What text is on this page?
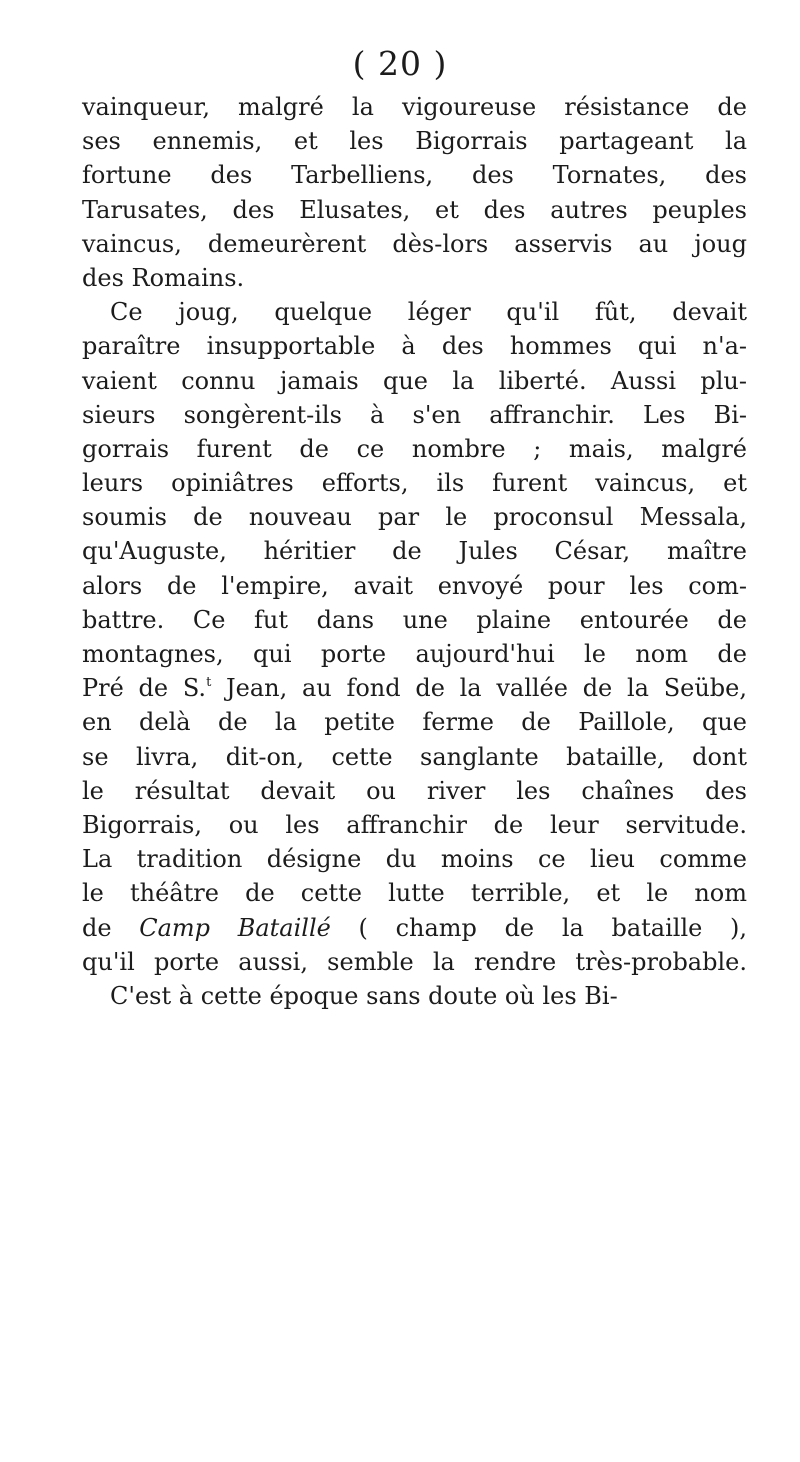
( 20 )
vainqueur, malgré la vigoureuse résistance de
ses ennemis, et les Bigorrais partageant la
fortune des Tarbelliens, des Tornates, des
Tarusates, des Elusates, et des autres peuples
vaincus, demeurèrent dès-lors asservis au joug
des Romains.
Ce joug, quelque léger qu'il fût, devait
paraître insupportable à des hommes qui n'a-
vaient connu jamais que la liberté. Aussi plu-
sieurs songèrent-ils à s'en affranchir. Les Bi-
gorrais furent de ce nombre ; mais, malgré
leurs opiniâtres efforts, ils furent vaincus, et
soumis de nouveau par le proconsul Messala,
qu'Auguste, héritier de Jules César, maître
alors de l'empire, avait envoyé pour les com-
battre. Ce fut dans une plaine entourée de
montagnes, qui porte aujourd'hui le nom de
Pré de S.$^t$ Jean, au fond de la vallée de la Seübe,
en delà de la petite ferme de Paillole, que
se livra, dit-on, cette sanglante bataille, dont
le résultat devait ou river les chaînes des
Bigorrais, ou les affranchir de leur servitude.
La tradition désigne du moins ce lieu comme
le théâtre de cette lutte terrible, et le nom
de Camp Bataillé ( champ de la bataille ),
qu'il porte aussi, semble la rendre très-probable.
C'est à cette époque sans doute où les Bi-
